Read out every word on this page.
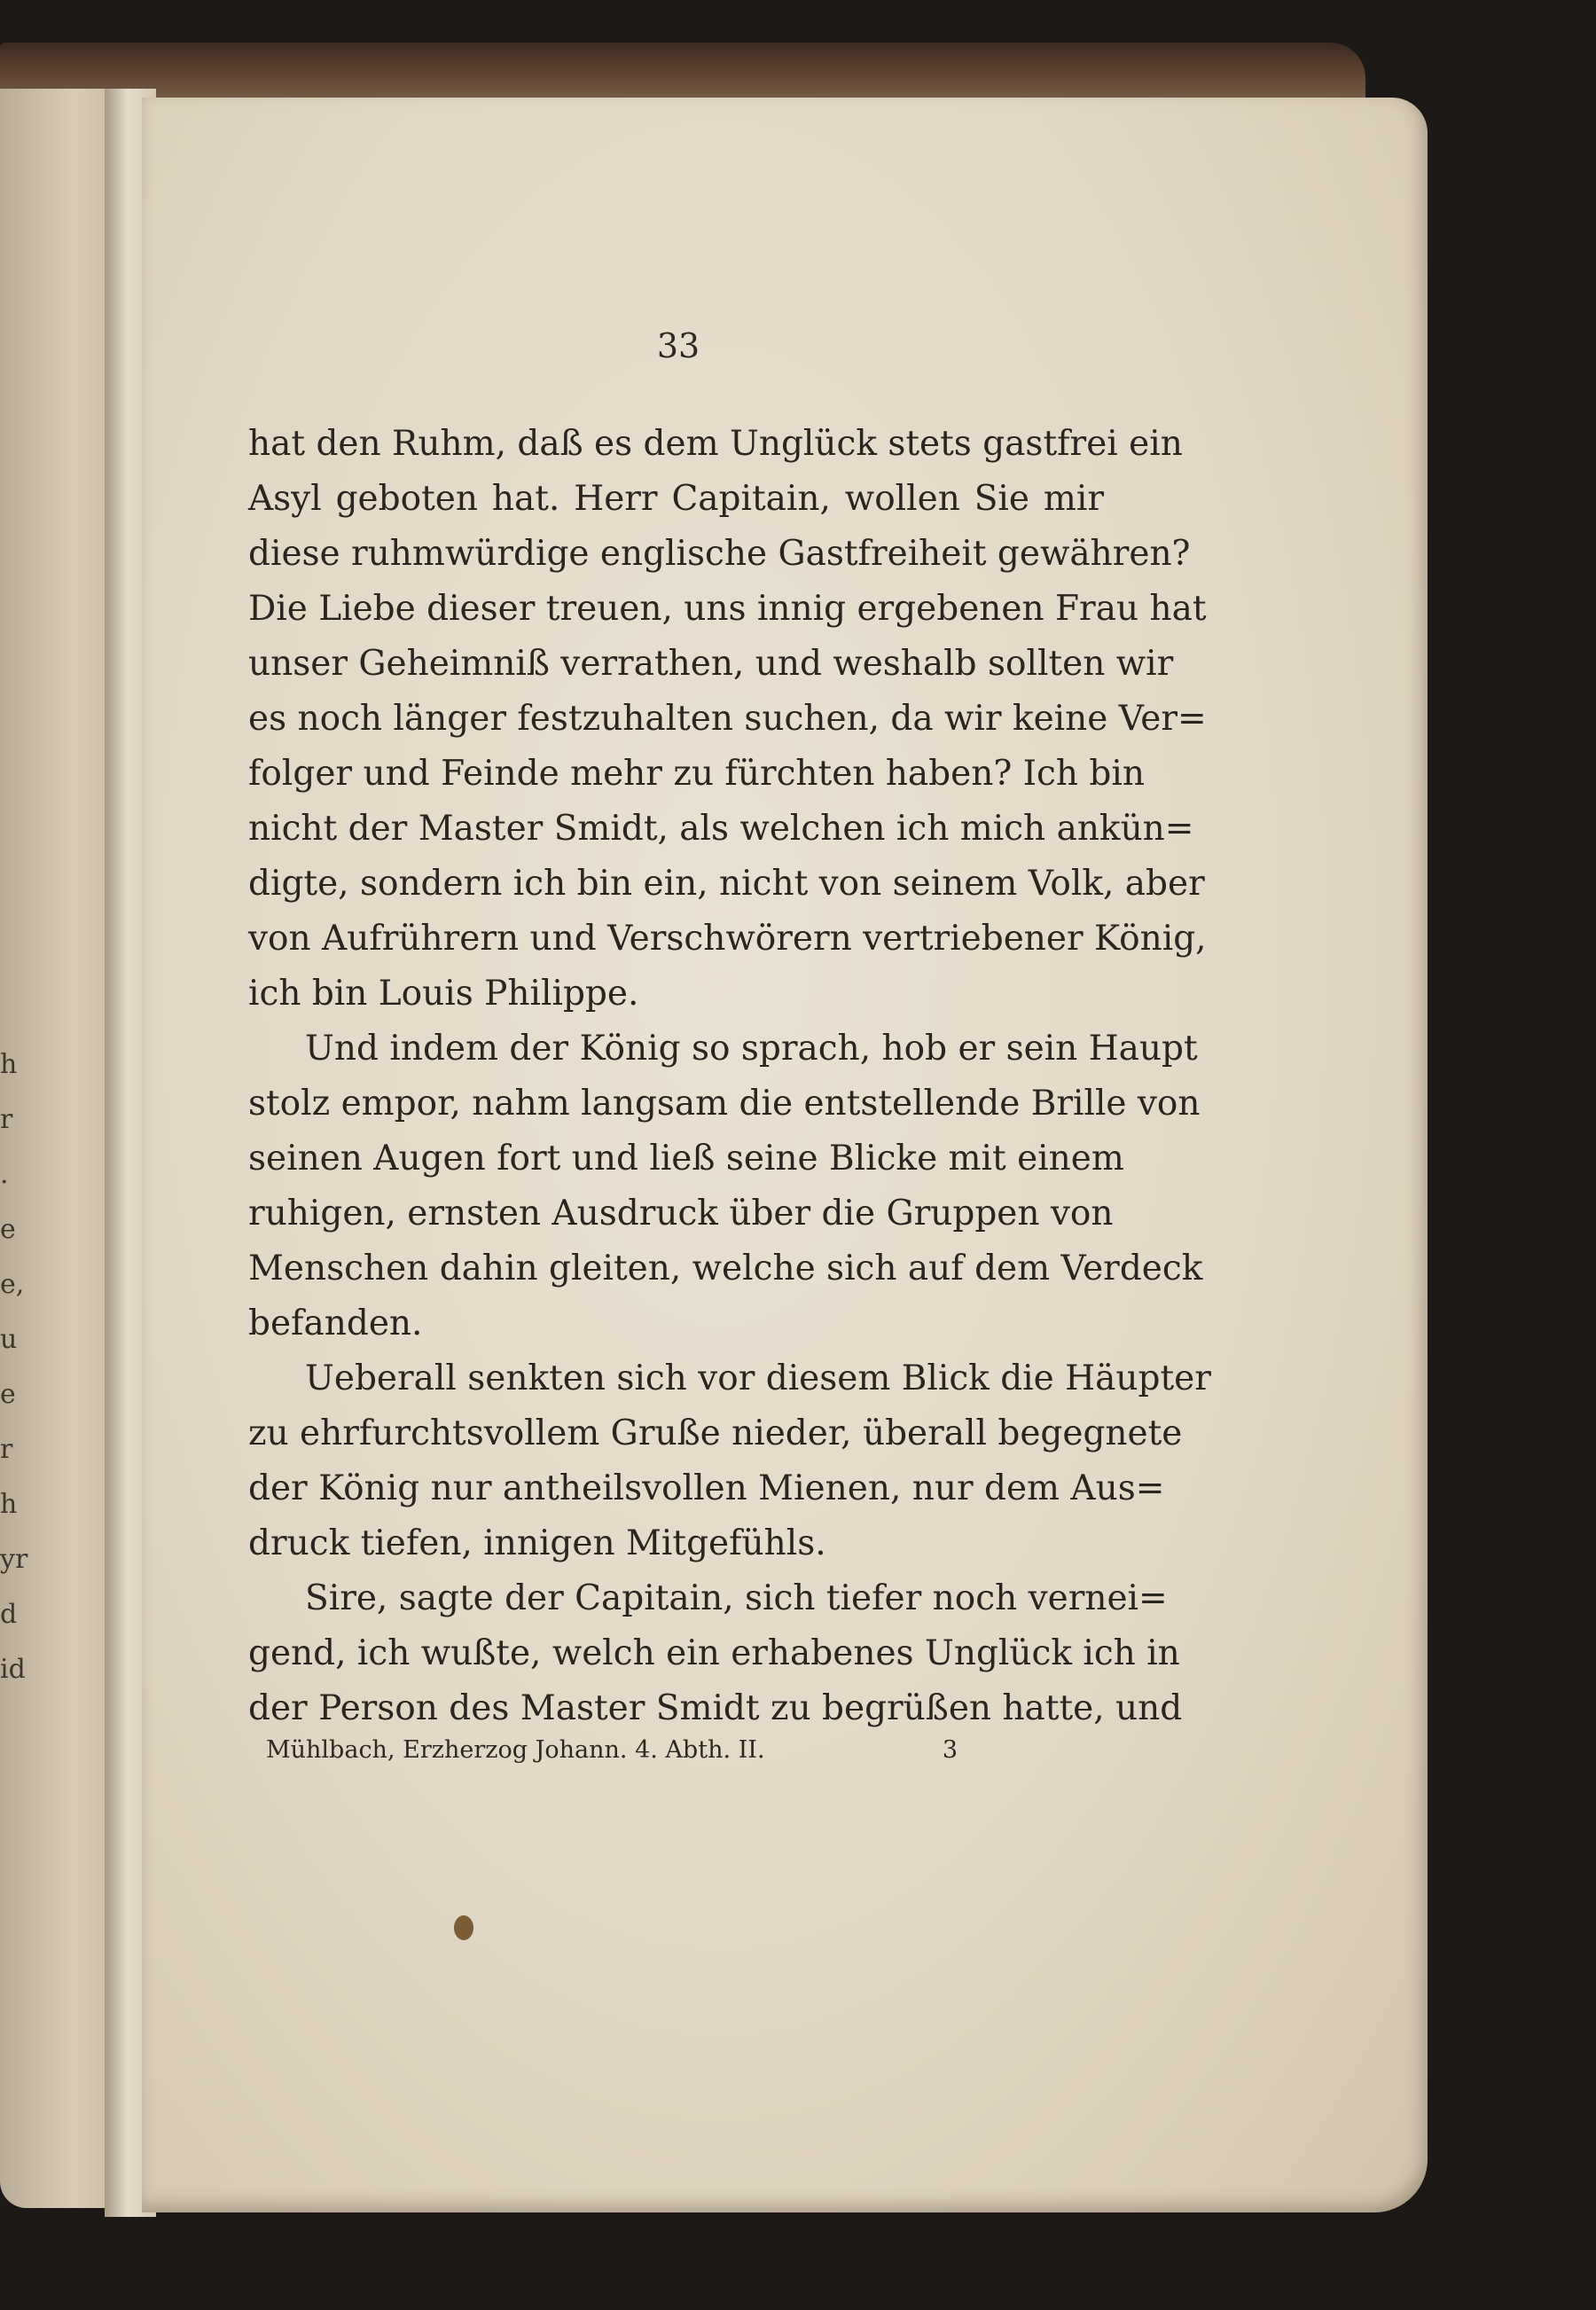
h
r
.
e
e,
u
e
r
h
yr
d
id
33
hat den Ruhm, daß es dem Unglück stets gastfrei ein
Asyl geboten hat. Herr Capitain, wollen Sie mir
diese ruhmwürdige englische Gastfreiheit gewähren?
Die Liebe dieser treuen, uns innig ergebenen Frau hat
unser Geheimniß verrathen, und weshalb sollten wir
es noch länger festzuhalten suchen, da wir keine Ver=
folger und Feinde mehr zu fürchten haben? Ich bin
nicht der Master Smidt, als welchen ich mich ankün=
digte, sondern ich bin ein, nicht von seinem Volk, aber
von Aufrührern und Verschwörern vertriebener König,
ich bin Louis Philippe.
Und indem der König so sprach, hob er sein Haupt
stolz empor, nahm langsam die entstellende Brille von
seinen Augen fort und ließ seine Blicke mit einem
ruhigen, ernsten Ausdruck über die Gruppen von
Menschen dahin gleiten, welche sich auf dem Verdeck
befanden.
Ueberall senkten sich vor diesem Blick die Häupter
zu ehrfurchtsvollem Gruße nieder, überall begegnete
der König nur antheilsvollen Mienen, nur dem Aus=
druck tiefen, innigen Mitgefühls.
Sire, sagte der Capitain, sich tiefer noch vernei=
gend, ich wußte, welch ein erhabenes Unglück ich in
der Person des Master Smidt zu begrüßen hatte, und
Mühlbach, Erzherzog Johann. 4. Abth. II.	3
